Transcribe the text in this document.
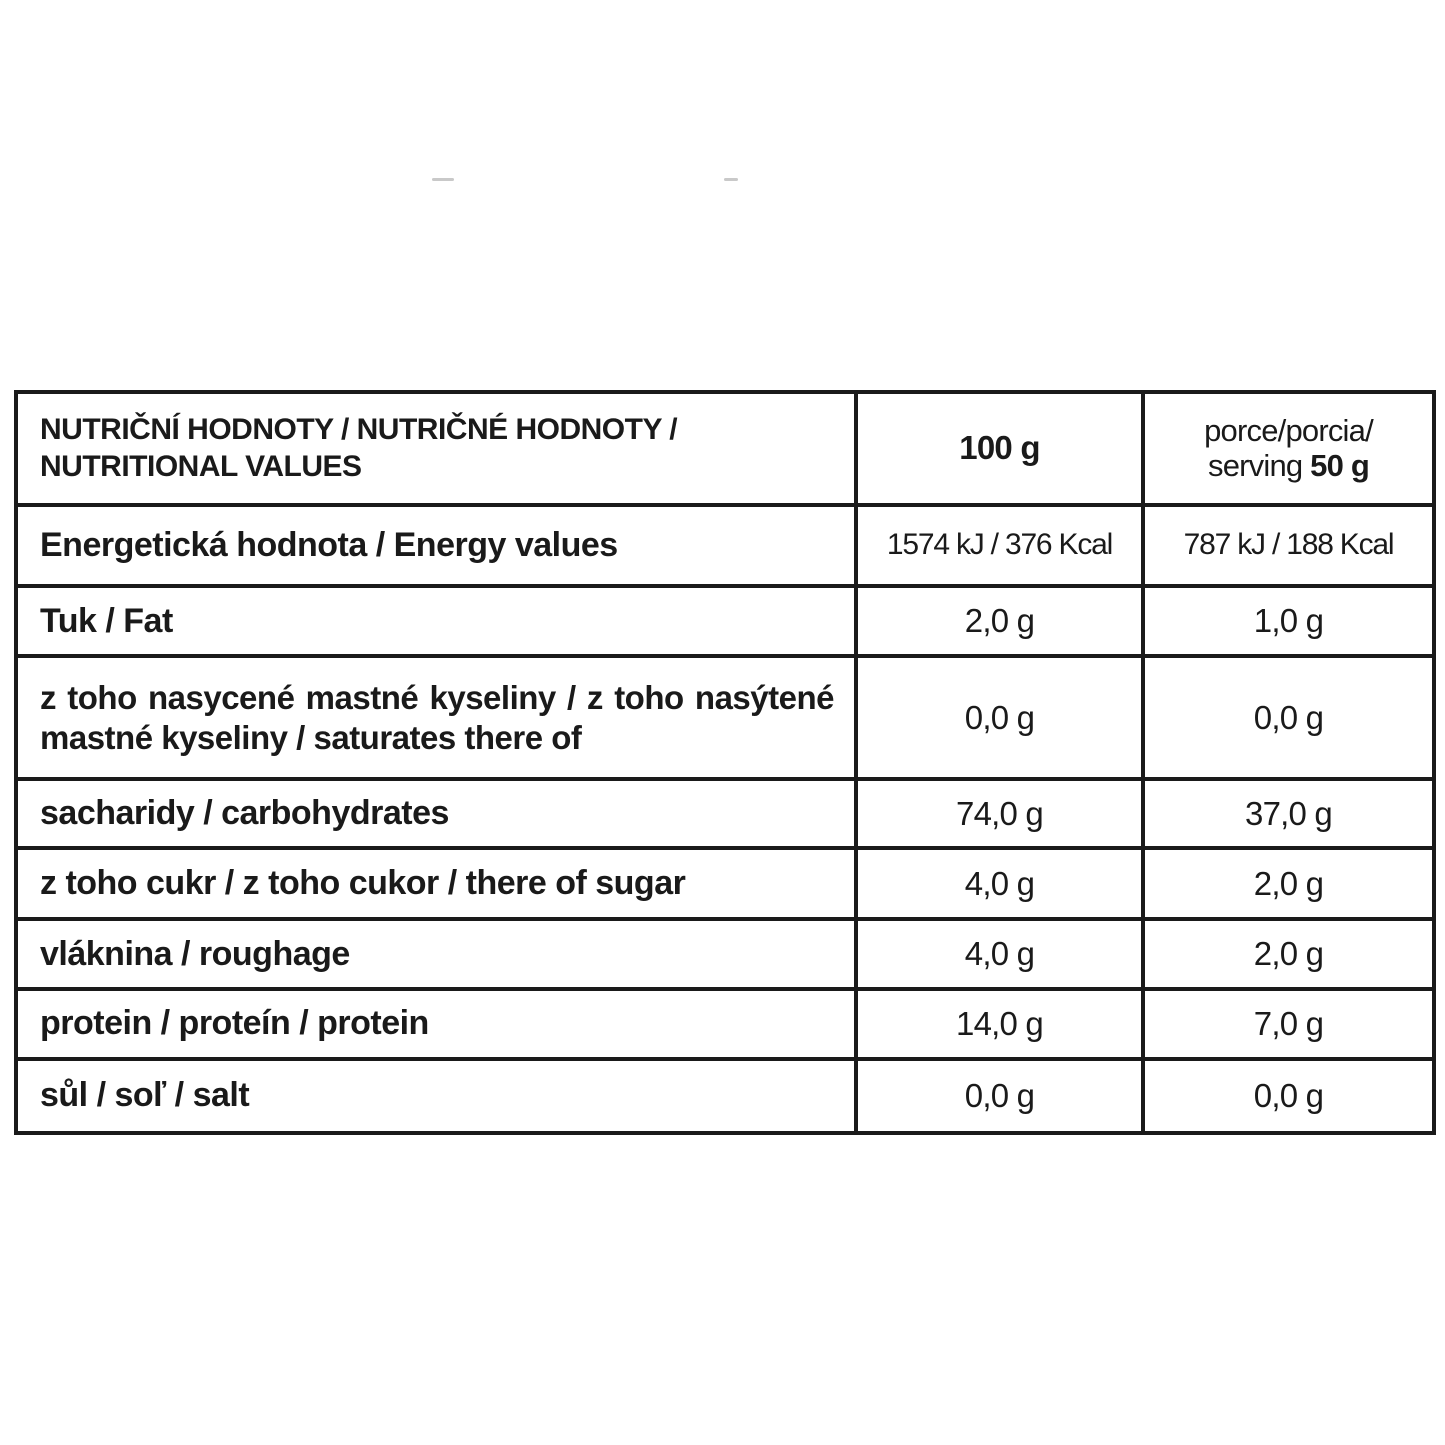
NUTRIČNÍ HODNOTY / NUTRIČNÉ HODNOTY /
NUTRITIONAL VALUES	100 g	porce/porcia/
serving 50 g
Energetická hodnota / Energy values	1574 kJ / 376 Kcal	787 kJ / 188 Kcal
Tuk / Fat	2,0 g	1,0 g
z toho nasycené mastné kyseliny / z toho nasýtené mastné kyseliny / saturates there of	0,0 g	0,0 g
sacharidy / carbohydrates	74,0 g	37,0 g
z toho cukr / z toho cukor / there of sugar	4,0 g	2,0 g
vláknina / roughage	4,0 g	2,0 g
protein / proteín / protein	14,0 g	7,0 g
sůl / soľ / salt	0,0 g	0,0 g
